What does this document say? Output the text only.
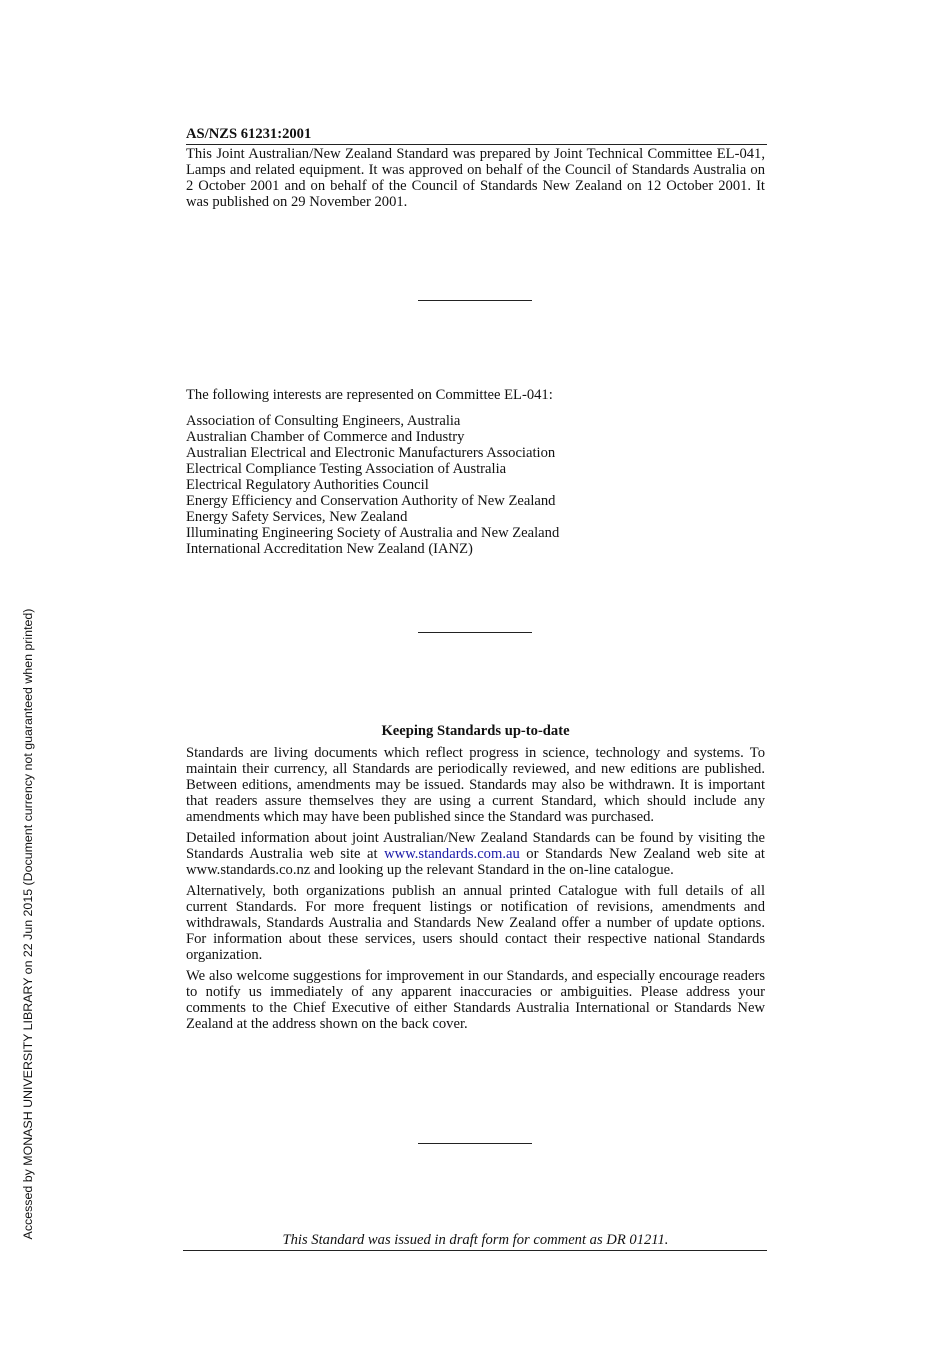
AS/NZS 61231:2001
This Joint Australian/New Zealand Standard was prepared by Joint Technical Committee EL-041, Lamps and related equipment. It was approved on behalf of the Council of Standards Australia on 2 October 2001 and on behalf of the Council of Standards New Zealand on 12 October 2001. It was published on 29 November 2001.
The following interests are represented on Committee EL-041:
Association of Consulting Engineers, Australia
Australian Chamber of Commerce and Industry
Australian Electrical and Electronic Manufacturers Association
Electrical Compliance Testing Association of Australia
Electrical Regulatory Authorities Council
Energy Efficiency and Conservation Authority of New Zealand
Energy Safety Services, New Zealand
Illuminating Engineering Society of Australia and New Zealand
International Accreditation New Zealand (IANZ)
Keeping Standards up-to-date

Standards are living documents which reflect progress in science, technology and systems. To maintain their currency, all Standards are periodically reviewed, and new editions are published. Between editions, amendments may be issued. Standards may also be withdrawn. It is important that readers assure themselves they are using a current Standard, which should include any amendments which may have been published since the Standard was purchased.

Detailed information about joint Australian/New Zealand Standards can be found by visiting the Standards Australia web site at www.standards.com.au or Standards New Zealand web site at www.standards.co.nz and looking up the relevant Standard in the on-line catalogue.

Alternatively, both organizations publish an annual printed Catalogue with full details of all current Standards. For more frequent listings or notification of revisions, amendments and withdrawals, Standards Australia and Standards New Zealand offer a number of update options. For information about these services, users should contact their respective national Standards organization.

We also welcome suggestions for improvement in our Standards, and especially encourage readers to notify us immediately of any apparent inaccuracies or ambiguities. Please address your comments to the Chief Executive of either Standards Australia International or Standards New Zealand at the address shown on the back cover.

This Standard was issued in draft form for comment as DR 01211.
Accessed by MONASH UNIVERSITY LIBRARY on 22 Jun 2015 (Document currency not guaranteed when printed)
